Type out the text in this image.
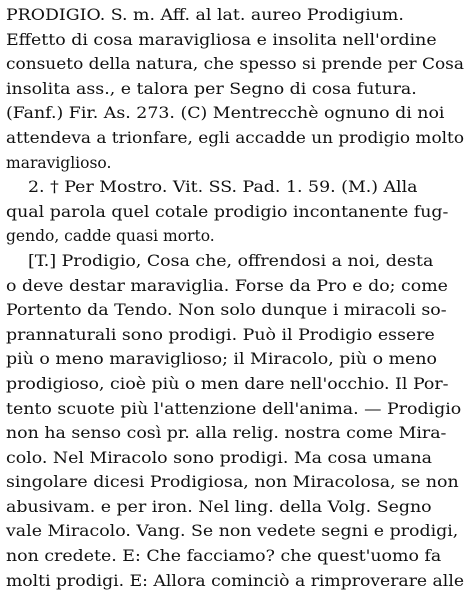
PRODIGIO. S. m. Aff. al lat. aureo Prodigium.
Effetto di cosa maravigliosa e insolita nell'ordine
consueto della natura, che spesso si prende per Cosa
insolita ass., e talora per Segno di cosa futura.
(Fanf.) Fir. As. 273. (C) Mentrecchè ognuno di noi
attendeva a trionfare, egli accadde un prodigio molto
maraviglioso.
2. † Per Mostro. Vit. SS. Pad. 1. 59. (M.) Alla
qual parola quel cotale prodigio incontanente fug-
gendo, cadde quasi morto.
[T.] Prodigio, Cosa che, offrendosi a noi, desta
o deve destar maraviglia. Forse da Pro e do; come
Portento da Tendo. Non solo dunque i miracoli so-
prannaturali sono prodigi. Può il Prodigio essere
più o meno maraviglioso; il Miracolo, più o meno
prodigioso, cioè più o men dare nell'occhio. Il Por-
tento scuote più l'attenzione dell'anima. — Prodigio
non ha senso così pr. alla relig. nostra come Mira-
colo. Nel Miracolo sono prodigi. Ma cosa umana
singolare dicesi Prodigiosa, non Miracolosa, se non
abusivam. e per iron. Nel ling. della Volg. Segno
vale Miracolo. Vang. Se non vedete segni e prodigi,
non credete. E: Che facciamo? che quest'uomo fa
molti prodigi. E: Allora cominciò a rimproverare alle
